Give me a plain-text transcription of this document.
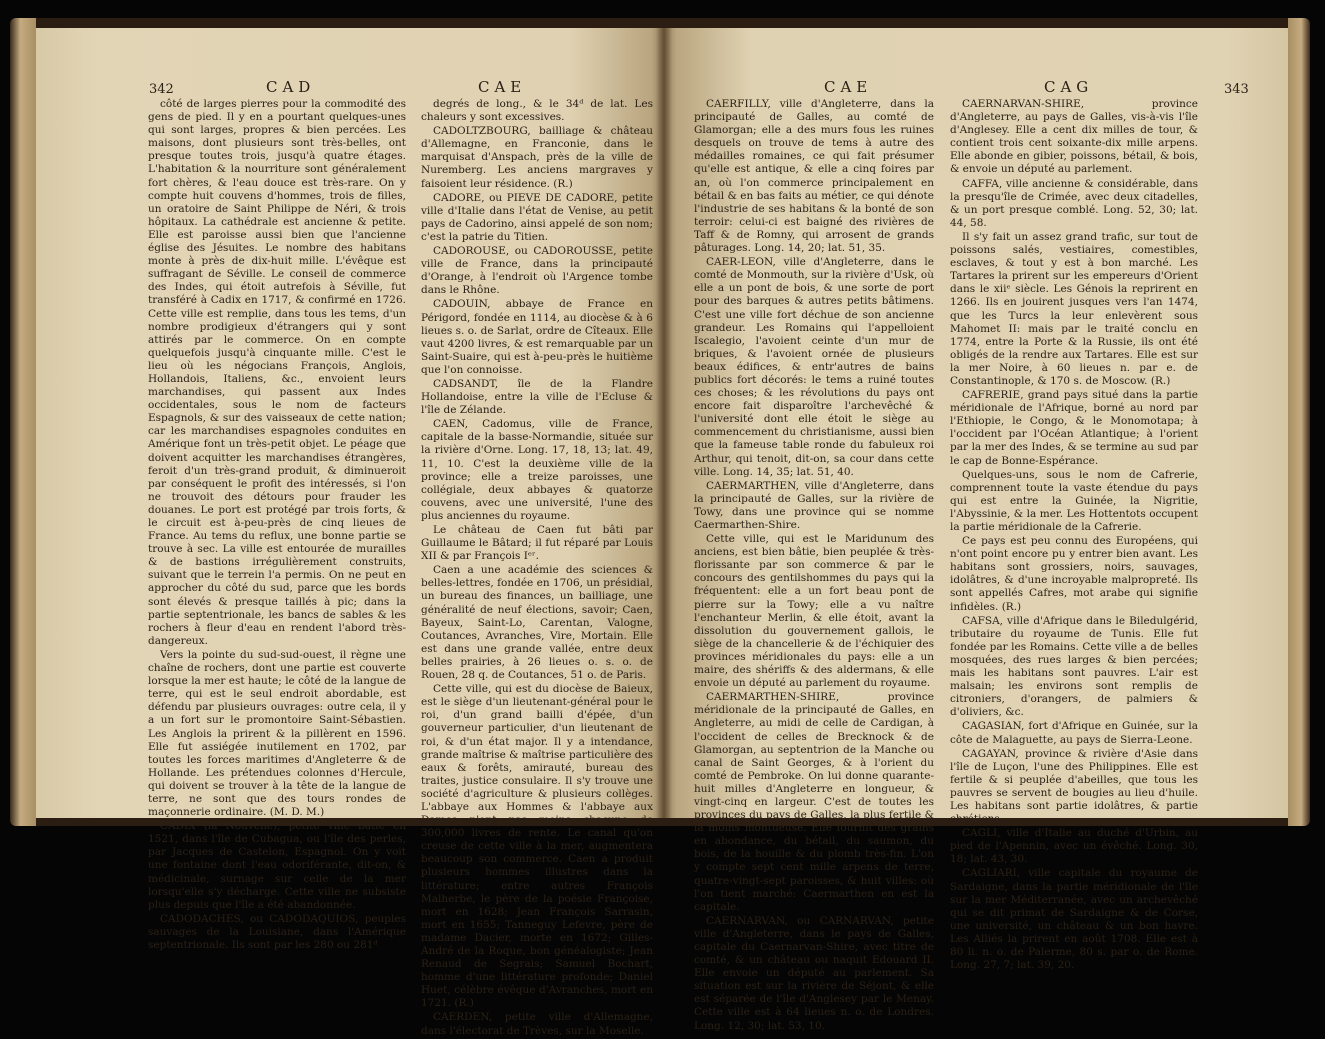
342	CAD	CAE

côté de larges pierres pour la commodité des gens de pied. Il y en a pourtant quelques-unes qui sont larges, propres & bien percées. Les maisons, dont plusieurs sont très-belles, ont presque toutes trois, jusqu'à quatre étages. L'habitation & la nourriture sont généralement fort chères, & l'eau douce est très-rare. On y compte huit couvens d'hommes, trois de filles, un oratoire de Saint Philippe de Néri, & trois hôpitaux. La cathédrale est ancienne & petite. Elle est paroisse aussi bien que l'ancienne église des Jésuites. Le nombre des habitans monte à près de dix-huit mille. L'évêque est suffragant de Séville. Le conseil de commerce des Indes, qui étoit autrefois à Séville, fut transféré à Cadix en 1717, & confirmé en 1726. Cette ville est remplie, dans tous les tems, d'un nombre prodigieux d'étrangers qui y sont attirés par le commerce. On en compte quelquefois jusqu'à cinquante mille. C'est le lieu où les négocians François, Anglois, Hollandois, Italiens, &c., envoient leurs marchandises, qui passent aux Indes occidentales, sous le nom de facteurs Espagnols, & sur des vaisseaux de cette nation; car les marchandises espagnoles conduites en Amérique font un très-petit objet. Le péage que doivent acquitter les marchandises étrangères, feroit d'un très-grand produit, & diminueroit par conséquent le profit des intéressés, si l'on ne trouvoit des détours pour frauder les douanes. Le port est protégé par trois forts, & le circuit est à-peu-près de cinq lieues de France. Au tems du reflux, une bonne partie se trouve à sec. La ville est entourée de murailles & de bastions irrégulièrement construits, suivant que le terrein l'a permis. On ne peut en approcher du côté du sud, parce que les bords sont élevés & presque taillés à pic; dans la partie septentrionale, les bancs de sables & les rochers à fleur d'eau en rendent l'abord très-dangereux.

Vers la pointe du sud-sud-ouest, il règne une chaîne de rochers, dont une partie est couverte lorsque la mer est haute; le côté de la langue de terre, qui est le seul endroit abordable, est défendu par plusieurs ouvrages: outre cela, il y a un fort sur le promontoire Saint-Sébastien. Les Anglois la prirent & la pillèrent en 1596. Elle fut assiégée inutilement en 1702, par toutes les forces maritimes d'Angleterre & de Hollande. Les prétendues colonnes d'Hercule, qui doivent se trouver à la tête de la langue de terre, ne sont que des tours rondes de maçonnerie ordinaire. (M. D. M.)

CADIX (la Nouvelle), petite ville bâtie en 1521, dans l'île de Cubagua, ou l'île des perles, par Jacques de Castelon, Espagnol. On y voit une fontaine dont l'eau odoriférante, dit-on, & médicinale, surnage sur celle de la mer lorsqu'elle s'y décharge. Cette ville ne subsiste plus depuis que l'île a été abandonnée.

CADODACHES, ou CADODAQUIOS, peuples sauvages de la Louisiane, dans l'Amérique septentrionale. Ils sont par les 280 ou 281ᵈ

degrés de long., & le 34ᵈ de lat. Les chaleurs y sont excessives.

CADOLTZBOURG, bailliage & château d'Allemagne, en Franconie, dans le marquisat d'Anspach, près de la ville de Nuremberg. Les anciens margraves y faisoient leur résidence. (R.)

CADORE, ou PIEVE DE CADORE, petite ville d'Italie dans l'état de Venise, au petit pays de Cadorino, ainsi appelé de son nom; c'est la patrie du Titien.

CADOROUSE, ou CADOROUSSE, petite ville de France, dans la principauté d'Orange, à l'endroit où l'Argence tombe dans le Rhône.

CADOUIN, abbaye de France en Périgord, fondée en 1114, au diocèse & à 6 lieues s. o. de Sarlat, ordre de Cîteaux. Elle vaut 4200 livres, & est remarquable par un Saint-Suaire, qui est à-peu-près le huitième que l'on connoisse.

CADSANDT, île de la Flandre Hollandoise, entre la ville de l'Ecluse & l'île de Zélande.

CAEN, Cadomus, ville de France, capitale de la basse-Normandie, située sur la rivière d'Orne. Long. 17, 18, 13; lat. 49, 11, 10. C'est la deuxième ville de la province; elle a treize paroisses, une collégiale, deux abbayes & quatorze couvens, avec une université, l'une des plus anciennes du royaume.

Le château de Caen fut bâti par Guillaume le Bâtard; il fut réparé par Louis XII & par François Iᵉʳ.

Caen a une académie des sciences & belles-lettres, fondée en 1706, un présidial, un bureau des finances, un bailliage, une généralité de neuf élections, savoir; Caen, Bayeux, Saint-Lo, Carentan, Valogne, Coutances, Avranches, Vire, Mortain. Elle est dans une grande vallée, entre deux belles prairies, à 26 lieues o. s. o. de Rouen, 28 q. de Coutances, 51 o. de Paris.

Cette ville, qui est du diocèse de Baieux, est le siège d'un lieutenant-général pour le roi, d'un grand bailli d'épée, d'un gouverneur particulier, d'un lieutenant de roi, & d'un état major. Il y a intendance, grande maîtrise & maîtrise particulière des eaux & forêts, amirauté, bureau des traites, justice consulaire. Il s'y trouve une société d'agriculture & plusieurs collèges. L'abbaye aux Hommes & l'abbaye aux Dames n'ont pas moins chacune de 300,000 livres de rente. Le canal qu'on creuse de cette ville à la mer, augmentera beaucoup son commerce. Caen a produit plusieurs hommes illustres dans la littérature; entre autres François Malherbe, le père de la poésie Françoise, mort en 1628; Jean François Sarrasin, mort en 1655; Tanneguy Lefevre, père de madame Dacier, morte en 1672; Gilles-André de la Roque, bon généalogiste; Jean Renaud de Segrais; Samuel Bochart, homme d'une littérature profonde; Daniel Huet, célèbre évêque d'Avranches, mort en 1721. (R.)

CAERDEN, petite ville d'Allemagne, dans l'électorat de Trèves, sur la Moselle.

CAE	CAG	343

CAERFILLY, ville d'Angleterre, dans la principauté de Galles, au comté de Glamorgan; elle a des murs fous les ruines desquels on trouve de tems à autre des médailles romaines, ce qui fait présumer qu'elle est antique, & elle a cinq foires par an, où l'on commerce principalement en bétail & en bas faits au métier, ce qui dénote l'industrie de ses habitans & la bonté de son terroir: celui-ci est baigné des rivières de Taff & de Romny, qui arrosent de grands pâturages. Long. 14, 20; lat. 51, 35.

CAER-LEON, ville d'Angleterre, dans le comté de Monmouth, sur la rivière d'Usk, où elle a un pont de bois, & une sorte de port pour des barques & autres petits bâtimens. C'est une ville fort déchue de son ancienne grandeur. Les Romains qui l'appelloient Iscalegio, l'avoient ceinte d'un mur de briques, & l'avoient ornée de plusieurs beaux édifices, & entr'autres de bains publics fort décorés: le tems a ruiné toutes ces choses; & les révolutions du pays ont encore fait disparoître l'archevêché & l'université dont elle étoit le siège au commencement du christianisme, aussi bien que la fameuse table ronde du fabuleux roi Arthur, qui tenoit, dit-on, sa cour dans cette ville. Long. 14, 35; lat. 51, 40.

CAERMARTHEN, ville d'Angleterre, dans la principauté de Galles, sur la rivière de Towy, dans une province qui se nomme Caermarthen-Shire.

Cette ville, qui est le Maridunum des anciens, est bien bâtie, bien peuplée & très-florissante par son commerce & par le concours des gentilshommes du pays qui la fréquentent: elle a un fort beau pont de pierre sur la Towy; elle a vu naître l'enchanteur Merlin, & elle étoit, avant la dissolution du gouvernement gallois, le siège de la chancellerie & de l'échiquier des provinces méridionales du pays: elle a un maire, des shériffs & des aldermans, & elle envoie un député au parlement du royaume.

CAERMARTHEN-SHIRE, province méridionale de la principauté de Galles, en Angleterre, au midi de celle de Cardigan, à l'occident de celles de Brecknock & de Glamorgan, au septentrion de la Manche ou canal de Saint Georges, & à l'orient du comté de Pembroke. On lui donne quarante-huit milles d'Angleterre en longueur, & vingt-cinq en largeur. C'est de toutes les provinces du pays de Galles, la plus fertile & la moins montueuse. Elle fournit des grains en abondance, du bétail, du saumon, du bois, de la houille & du plomb très-fin. L'on y compte sept cent mille arpens de terre, quatre-vingt-sept paroisses, & huit villes: où l'on tient marché: Caermarthen en est la capitale.

CAERNARVAN, ou CARNARVAN, petite ville d'Angleterre, dans le pays de Galles, capitale du Caernarvan-Shire, avec titre de comté, & un château ou naquit Edouard II. Elle envoie un député au parlement. Sa situation est sur la rivière de Séjont, & elle est séparée de l'île d'Anglesey par le Menay. Cette ville est à 64 lieues n. o. de Londres. Long. 12, 30; lat. 53, 10.

CAERNARVAN-SHIRE, province d'Angleterre, au pays de Galles, vis-à-vis l'île d'Anglesey. Elle a cent dix milles de tour, & contient trois cent soixante-dix mille arpens. Elle abonde en gibier, poissons, bétail, & bois, & envoie un député au parlement.

CAFFA, ville ancienne & considérable, dans la presqu'île de Crimée, avec deux citadelles, & un port presque comblé. Long. 52, 30; lat. 44, 58.

Il s'y fait un assez grand trafic, sur tout de poissons salés, vestiaires, comestibles, esclaves, & tout y est à bon marché. Les Tartares la prirent sur les empereurs d'Orient dans le xiiᵉ siècle. Les Génois la reprirent en 1266. Ils en jouirent jusques vers l'an 1474, que les Turcs la leur enlevèrent sous Mahomet II: mais par le traité conclu en 1774, entre la Porte & la Russie, ils ont été obligés de la rendre aux Tartares. Elle est sur la mer Noire, à 60 lieues n. par e. de Constantinople, & 170 s. de Moscow. (R.)

CAFRERIE, grand pays situé dans la partie méridionale de l'Afrique, borné au nord par l'Ethiopie, le Congo, & le Monomotapa; à l'occident par l'Océan Atlantique; à l'orient par la mer des Indes, & se termine au sud par le cap de Bonne-Espérance.

Quelques-uns, sous le nom de Cafrerie, comprennent toute la vaste étendue du pays qui est entre la Guinée, la Nigritie, l'Abyssinie, & la mer. Les Hottentots occupent la partie méridionale de la Cafrerie.

Ce pays est peu connu des Européens, qui n'ont point encore pu y entrer bien avant. Les habitans sont grossiers, noirs, sauvages, idolâtres, & d'une incroyable malpropreté. Ils sont appellés Cafres, mot arabe qui signifie infidèles. (R.)

CAFSA, ville d'Afrique dans le Biledulgérid, tributaire du royaume de Tunis. Elle fut fondée par les Romains. Cette ville a de belles mosquées, des rues larges & bien percées; mais les habitans sont pauvres. L'air est malsain; les environs sont remplis de citroniers, d'orangers, de palmiers & d'oliviers, &c.

CAGASIAN, fort d'Afrique en Guinée, sur la côte de Malaguette, au pays de Sierra-Leone.

CAGAYAN, province & rivière d'Asie dans l'île de Luçon, l'une des Philippines. Elle est fertile & si peuplée d'abeilles, que tous les pauvres se servent de bougies au lieu d'huile. Les habitans sont partie idolâtres, & partie chrétiens.

CAGLI, ville d'Italie au duché d'Urbin, au pied de l'Apennin, avec un évêché. Long. 30, 18; lat. 43, 30.

CAGLIARI, ville capitale du royaume de Sardaigne, dans la partie méridionale de l'île sur la mer Méditerranée, avec un archevêché qui se dit primat de Sardaigne & de Corse, une université, un château & un bon havre. Les Alliés la prirent en août 1708. Elle est à 80 li. n. o. de Palerme, 80 s. par o. de Rome. Long. 27, 7; lat. 39, 20.
